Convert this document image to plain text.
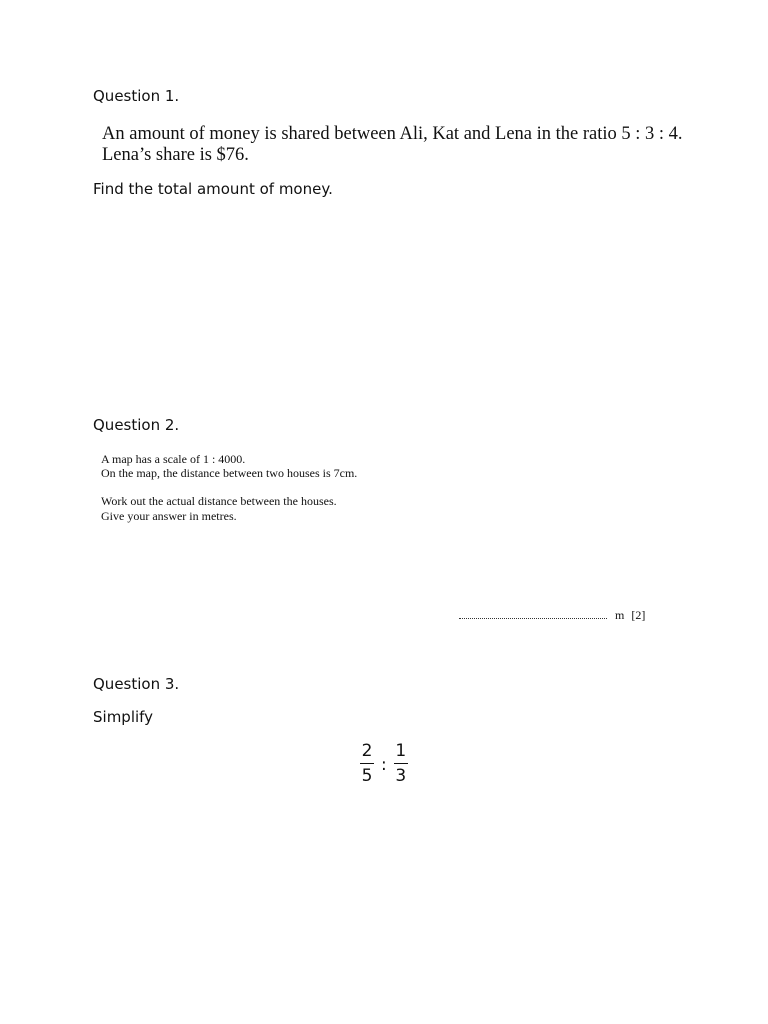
Question 1.
An amount of money is shared between Ali, Kat and Lena in the ratio 5 : 3 : 4.
Lena’s share is $76.
Find the total amount of money.
Question 2.
A map has a scale of 1 : 4000.
On the map, the distance between two houses is 7cm.
Work out the actual distance between the houses.
Give your answer in metres.
m [2]
Question 3.
Simplify
$\frac{2}{5}$ : $\frac{1}{3}$
